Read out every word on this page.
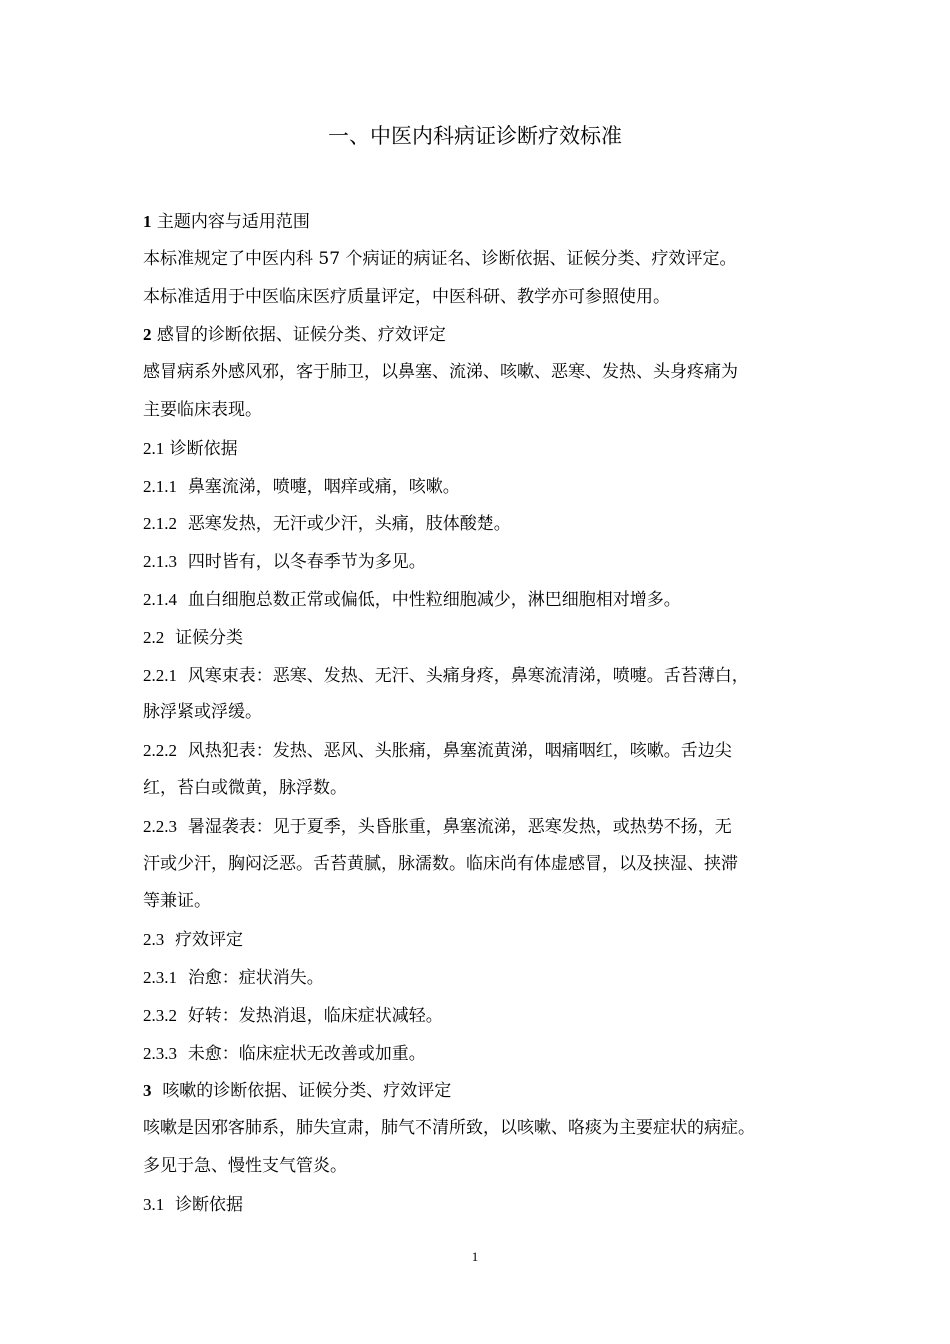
一、中医内科病证诊断疗效标准
1 主题内容与适用范围
本标准规定了中医内科 57 个病证的病证名、诊断依据、证候分类、疗效评定。
本标准适用于中医临床医疗质量评定，中医科研、教学亦可参照使用。
2 感冒的诊断依据、证候分类、疗效评定
感冒病系外感风邪，客于肺卫，以鼻塞、流涕、咳嗽、恶寒、发热、头身疼痛为
主要临床表现。
2.1 诊断依据
2.1.1 鼻塞流涕，喷嚏，咽痒或痛，咳嗽。
2.1.2 恶寒发热，无汗或少汗，头痛，肢体酸楚。
2.1.3 四时皆有，以冬春季节为多见。
2.1.4 血白细胞总数正常或偏低，中性粒细胞减少，淋巴细胞相对增多。
2.2 证候分类
2.2.1 风寒束表：恶寒、发热、无汗、头痛身疼，鼻寒流清涕，喷嚏。舌苔薄白，
脉浮紧或浮缓。
2.2.2 风热犯表：发热、恶风、头胀痛，鼻塞流黄涕，咽痛咽红，咳嗽。舌边尖
红，苔白或微黄，脉浮数。
2.2.3 暑湿袭表：见于夏季，头昏胀重，鼻塞流涕，恶寒发热，或热势不扬，无
汗或少汗，胸闷泛恶。舌苔黄腻，脉濡数。临床尚有体虚感冒，以及挟湿、挟滞
等兼证。
2.3 疗效评定
2.3.1 治愈：症状消失。
2.3.2 好转：发热消退，临床症状减轻。
2.3.3 未愈：临床症状无改善或加重。
3 咳嗽的诊断依据、证候分类、疗效评定
咳嗽是因邪客肺系，肺失宣肃，肺气不清所致，以咳嗽、咯痰为主要症状的病症。
多见于急、慢性支气管炎。
3.1 诊断依据
1
